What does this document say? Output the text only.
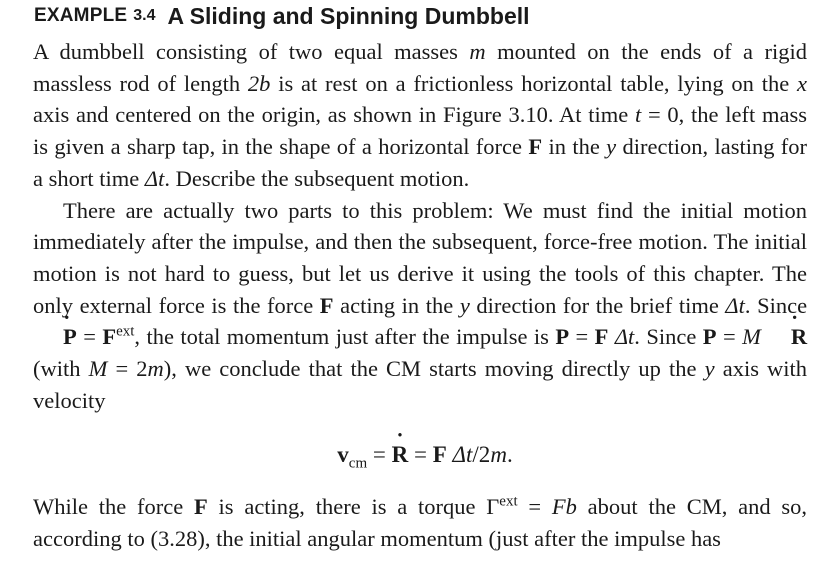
EXAMPLE 3.4 A Sliding and Spinning Dumbbell

A dumbbell consisting of two equal masses m mounted on the ends of a rigid massless rod of length 2b is at rest on a frictionless horizontal table, lying on the x axis and centered on the origin, as shown in Figure 3.10. At time t = 0, the left mass is given a sharp tap, in the shape of a horizontal force F in the y direction, lasting for a short time Δt. Describe the subsequent motion.

There are actually two parts to this problem: We must find the initial motion immediately after the impulse, and then the subsequent, force-free motion. The initial motion is not hard to guess, but let us derive it using the tools of this chapter. The only external force is the force F acting in the y direction for the brief time Δt. Since ˙ $P = F^{ext}$, the total momentum just after the impulse is P = F Δt. Since P = M ˙ R (with M = 2m), we conclude that the CM starts moving directly up the y axis with velocity

$v_{cm}$ = ˙ R = F Δt/2m.

While the force F is acting, there is a torque $\Gamma^{ext} = Fb$ about the CM, and so, according to (3.28), the initial angular momentum (just after the impulse has
